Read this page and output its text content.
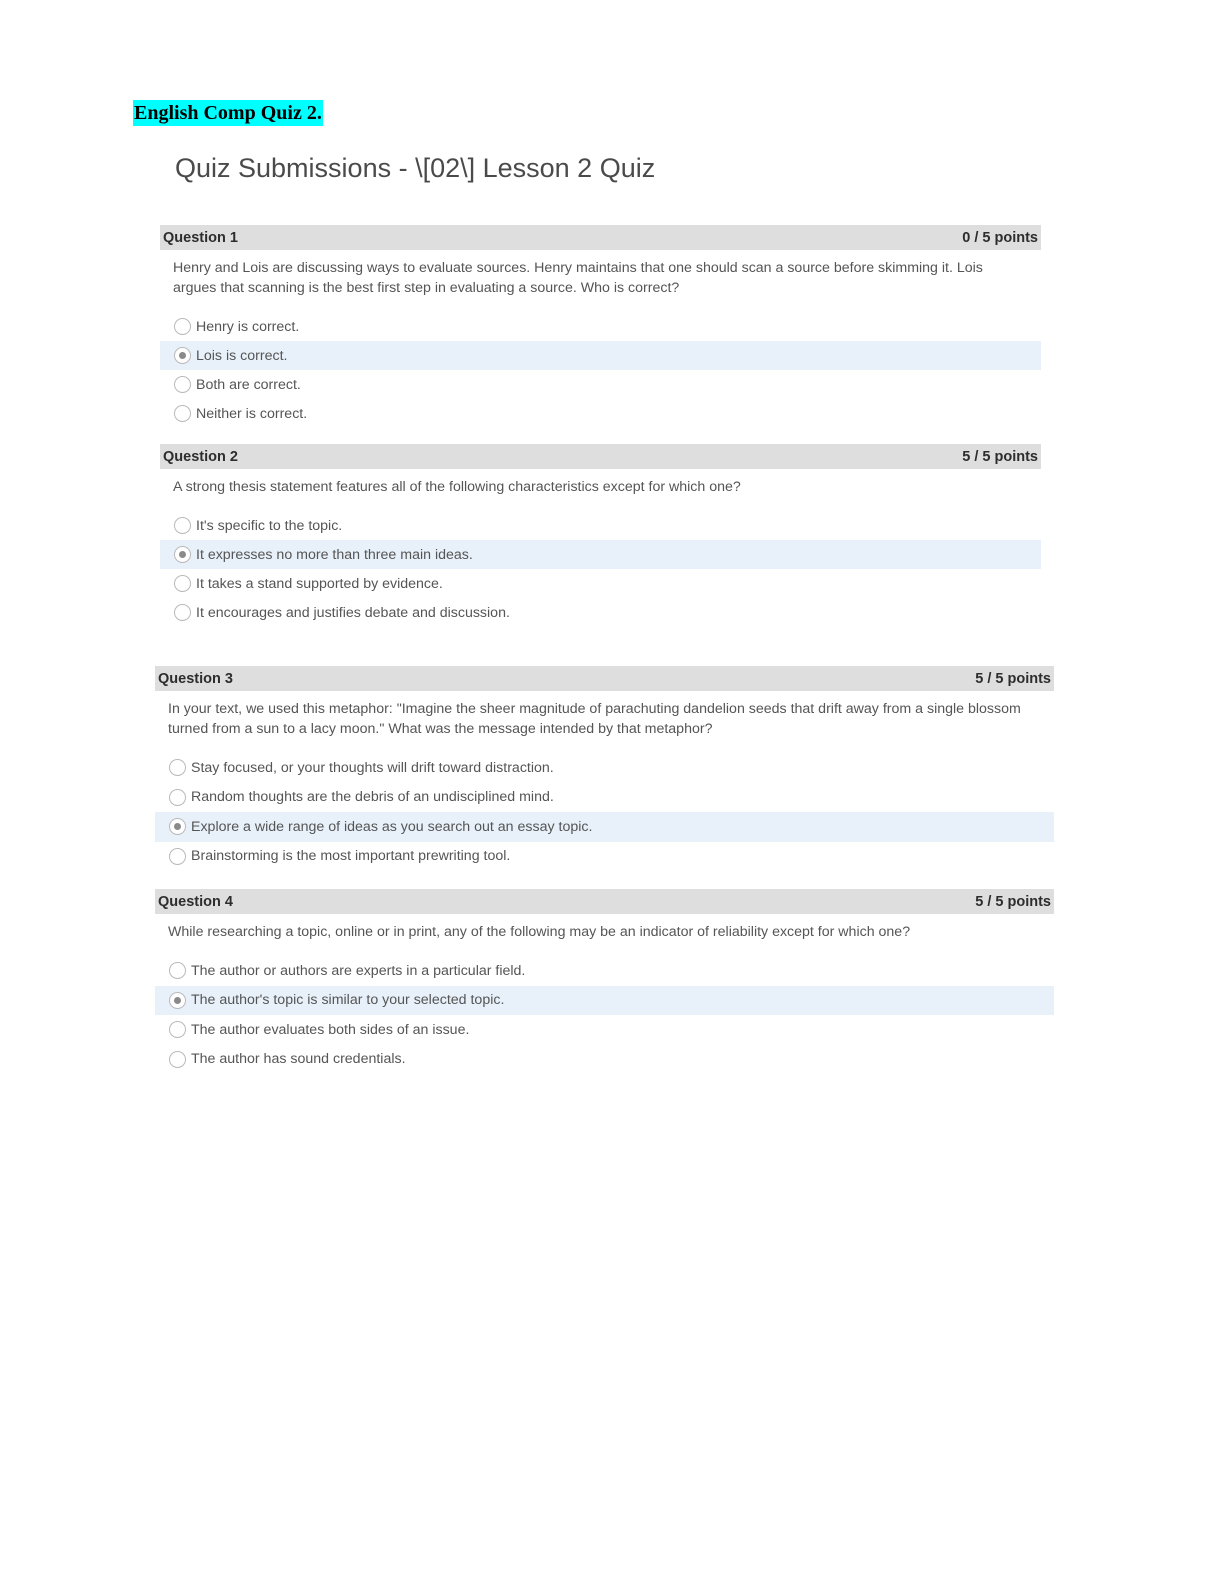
English Comp Quiz 2.
Quiz Submissions - \[02\] Lesson 2 Quiz
Question 1	0 / 5 points
Henry and Lois are discussing ways to evaluate sources. Henry maintains that one should scan a source before skimming it. Lois argues that scanning is the best first step in evaluating a source. Who is correct?
Henry is correct.
Lois is correct.
Both are correct.
Neither is correct.
Question 2	5 / 5 points
A strong thesis statement features all of the following characteristics except for which one?
It's specific to the topic.
It expresses no more than three main ideas.
It takes a stand supported by evidence.
It encourages and justifies debate and discussion.
Question 3	5 / 5 points
In your text, we used this metaphor: "Imagine the sheer magnitude of parachuting dandelion seeds that drift away from a single blossom turned from a sun to a lacy moon." What was the message intended by that metaphor?
Stay focused, or your thoughts will drift toward distraction.
Random thoughts are the debris of an undisciplined mind.
Explore a wide range of ideas as you search out an essay topic.
Brainstorming is the most important prewriting tool.
Question 4	5 / 5 points
While researching a topic, online or in print, any of the following may be an indicator of reliability except for which one?
The author or authors are experts in a particular field.
The author's topic is similar to your selected topic.
The author evaluates both sides of an issue.
The author has sound credentials.
